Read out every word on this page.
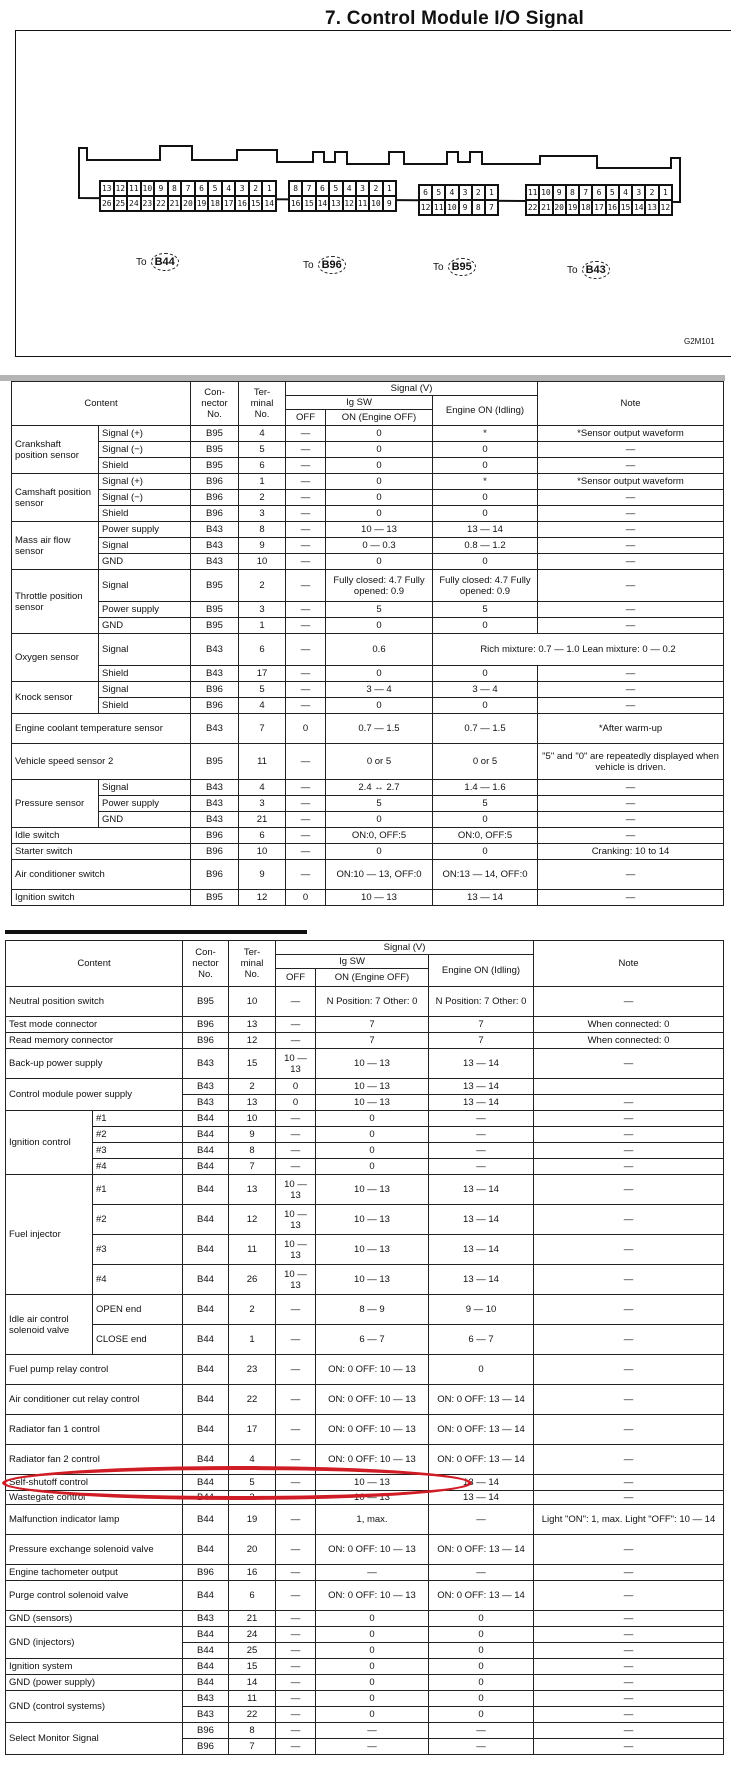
7. Control Module I/O Signal
G2M101
Content		Con- nector No.	Ter- minal No.	Signal (V)			Note
				Ig SW		Engine ON (Idling)	
				OFF	ON (Engine OFF)		
Crankshaft position sensor	Signal (+)	B95	4	—	0	*	*Sensor output waveform
	Signal (−)	B95	5	—	0	0	—
	Shield	B95	6	—	0	0	—
Camshaft position sensor	Signal (+)	B96	1	—	0	*	*Sensor output waveform
	Signal (−)	B96	2	—	0	0	—
	Shield	B96	3	—	0	0	—
Mass air flow sensor	Power supply	B43	8	—	10 — 13	13 — 14	—
	Signal	B43	9	—	0 — 0.3	0.8 — 1.2	—
	GND	B43	10	—	0	0	—
Throttle position sensor	Signal	B95	2	—	Fully closed: 4.7 Fully opened: 0.9	Fully closed: 4.7 Fully opened: 0.9	—
	Power supply	B95	3	—	5	5	—
	GND	B95	1	—	0	0	—
Oxygen sensor	Signal	B43	6	—	0.6	Rich mixture: 0.7 — 1.0 Lean mixture: 0 — 0.2	
	Shield	B43	17	—	0	0	—
Knock sensor	Signal	B96	5	—	3 — 4	3 — 4	—
	Shield	B96	4	—	0	0	—
Engine coolant temperature sensor		B43	7	0	0.7 — 1.5	0.7 — 1.5	*After warm-up
Vehicle speed sensor 2		B95	11	—	0 or 5	0 or 5	"5" and "0" are repeatedly displayed when vehicle is driven.
Pressure sensor	Signal	B43	4	—	2.4 ↔ 2.7	1.4 — 1.6	—
	Power supply	B43	3	—	5	5	—
	GND	B43	21	—	0	0	—
Idle switch		B96	6	—	ON:0, OFF:5	ON:0, OFF:5	—
Starter switch		B96	10	—	0	0	Cranking: 10 to 14
Air conditioner switch		B96	9	—	ON:10 — 13, OFF:0	ON:13 — 14, OFF:0	—
Ignition switch		B95	12	0	10 — 13	13 — 14	—
Content		Con- nector No.	Ter- minal No.	Signal (V)			Note
				Ig SW		Engine ON (Idling)	
				OFF	ON (Engine OFF)		
Neutral position switch		B95	10	—	N Position: 7 Other: 0	N Position: 7 Other: 0	—
Test mode connector		B96	13	—	7	7	When connected: 0
Read memory connector		B96	12	—	7	7	When connected: 0
Back-up power supply		B43	15	10 — 13	10 — 13	13 — 14	—
Control module power supply		B43	2	0	10 — 13	13 — 14	
		B43	13	0	10 — 13	13 — 14	—
Ignition control	#1	B44	10	—	0	—	—
	#2	B44	9	—	0	—	—
	#3	B44	8	—	0	—	—
	#4	B44	7	—	0	—	—
Fuel injector	#1	B44	13	10 — 13	10 — 13	13 — 14	—
	#2	B44	12	10 — 13	10 — 13	13 — 14	—
	#3	B44	11	10 — 13	10 — 13	13 — 14	—
	#4	B44	26	10 — 13	10 — 13	13 — 14	—
Idle air control solenoid valve	OPEN end	B44	2	—	8 — 9	9 — 10	—
	CLOSE end	B44	1	—	6 — 7	6 — 7	—
Fuel pump relay control		B44	23	—	ON: 0 OFF: 10 — 13	0	—
Air conditioner cut relay control		B44	22	—	ON: 0 OFF: 10 — 13	ON: 0 OFF: 13 — 14	—
Radiator fan 1 control		B44	17	—	ON: 0 OFF: 10 — 13	ON: 0 OFF: 13 — 14	—
Radiator fan 2 control		B44	4	—	ON: 0 OFF: 10 — 13	ON: 0 OFF: 13 — 14	—
Self-shutoff control		B44	5	—	10 — 13	13 — 14	—
Wastegate control		B44	3	—	10 — 13	13 — 14	—
Malfunction indicator lamp		B44	19	—	1, max.	—	Light "ON": 1, max. Light "OFF": 10 — 14
Pressure exchange solenoid valve		B44	20	—	ON: 0 OFF: 10 — 13	ON: 0 OFF: 13 — 14	—
Engine tachometer output		B96	16	—	—	—	—
Purge control solenoid valve		B44	6	—	ON: 0 OFF: 10 — 13	ON: 0 OFF: 13 — 14	—
GND (sensors)		B43	21	—	0	0	—
GND (injectors)		B44	24	—	0	0	—
		B44	25	—	0	0	—
Ignition system		B44	15	—	0	0	—
GND (power supply)		B44	14	—	0	0	—
GND (control systems)		B43	11	—	0	0	—
		B43	22	—	0	0	—
Select Monitor Signal		B96	8	—	—	—	—
		B96	7	—	—	—	—
13 12 11 10 9	8	7	6	5	4	3	2	1
26 25 24 23 22 21 20 19 18 17 16 15 14
To B44
8	7	6	5	4	3	2	1
16 15 14 13 12 11 10 9
To B96
6	5	4	3	2	1
12 11 10 9	8	7
To B95
11 10 9	8	7	6	5	4	3	2	1
22 21 20 19 18 17 16 15 14 13 12
To B43
